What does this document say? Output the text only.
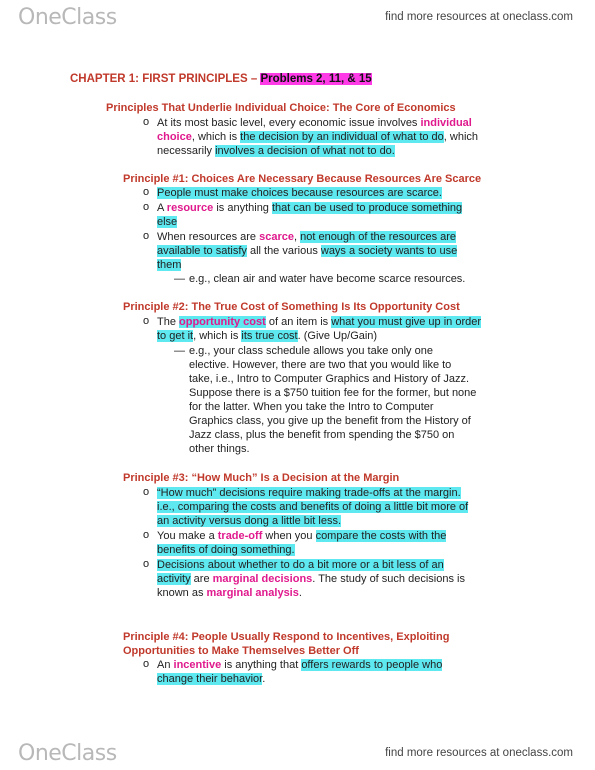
OneClass	find more resources at oneclass.com
CHAPTER 1: FIRST PRINCIPLES – Problems 2, 11, & 15
Principles That Underlie Individual Choice: The Core of Economics
o At its most basic level, every economic issue involves individual
choice, which is the decision by an individual of what to do, which
necessarily involves a decision of what not to do.
Principle #1: Choices Are Necessary Because Resources Are Scarce
o People must make choices because resources are scarce.
o A resource is anything that can be used to produce something
else
o When resources are scarce, not enough of the resources are
available to satisfy all the various ways a society wants to use
them
— e.g., clean air and water have become scarce resources.
Principle #2: The True Cost of Something Is Its Opportunity Cost
o The opportunity cost of an item is what you must give up in order
to get it, which is its true cost. (Give Up/Gain)
— e.g., your class schedule allows you take only one
elective. However, there are two that you would like to
take, i.e., Intro to Computer Graphics and History of Jazz.
Suppose there is a $750 tuition fee for the former, but none
for the latter. When you take the Intro to Computer
Graphics class, you give up the benefit from the History of
Jazz class, plus the benefit from spending the $750 on
other things.
Principle #3: “How Much” Is a Decision at the Margin
o “How much” decisions require making trade-offs at the margin.
i.e., comparing the costs and benefits of doing a little bit more of
an activity versus dong a little bit less.
o You make a trade-off when you compare the costs with the
benefits of doing something.
o Decisions about whether to do a bit more or a bit less of an
activity are marginal decisions. The study of such decisions is
known as marginal analysis.
Principle #4: People Usually Respond to Incentives, Exploiting
Opportunities to Make Themselves Better Off
o An incentive is anything that offers rewards to people who
change their behavior.
OneClass	find more resources at oneclass.com
